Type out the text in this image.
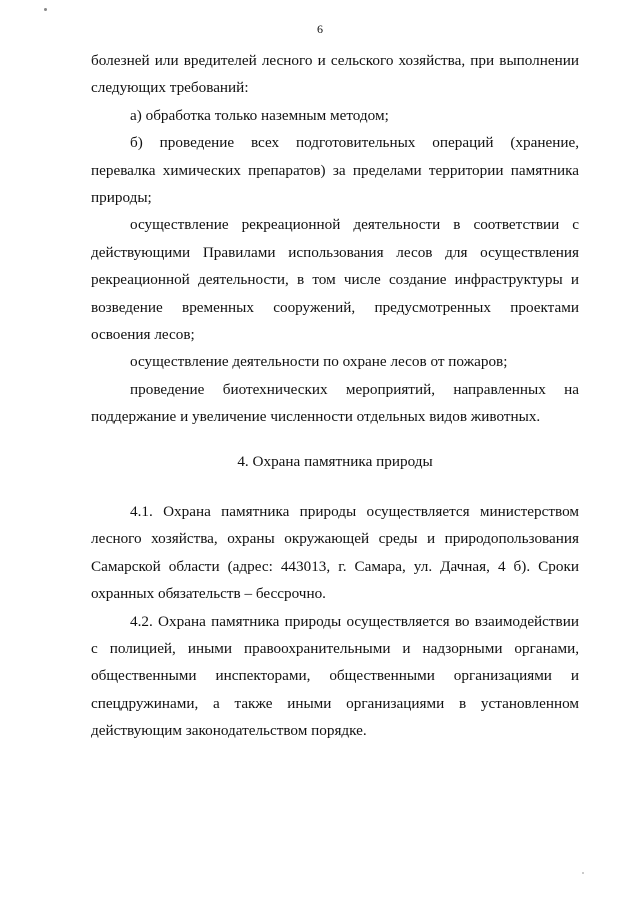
6

болезней или вредителей лесного и сельского хозяйства, при выполнении следующих требований:

а) обработка только наземным методом;

б) проведение всех подготовительных операций (хранение, перевалка химических препаратов) за пределами территории памятника природы;

осуществление рекреационной деятельности в соответствии с действующими Правилами использования лесов для осуществления рекреационной деятельности, в том числе создание инфраструктуры и возведение временных сооружений, предусмотренных проектами освоения лесов;

осуществление деятельности по охране лесов от пожаров;

проведение биотехнических мероприятий, направленных на поддержание и увеличение численности отдельных видов животных.

4. Охрана памятника природы

4.1. Охрана памятника природы осуществляется министерством лесного хозяйства, охраны окружающей среды и природопользования Самарской области (адрес: 443013, г. Самара, ул. Дачная, 4 б). Сроки охранных обязательств – бессрочно.

4.2. Охрана памятника природы осуществляется во взаимодействии с полицией, иными правоохранительными и надзорными органами, общественными инспекторами, общественными организациями и спецдружинами, а также иными организациями в установленном действующим законодательством порядке.
